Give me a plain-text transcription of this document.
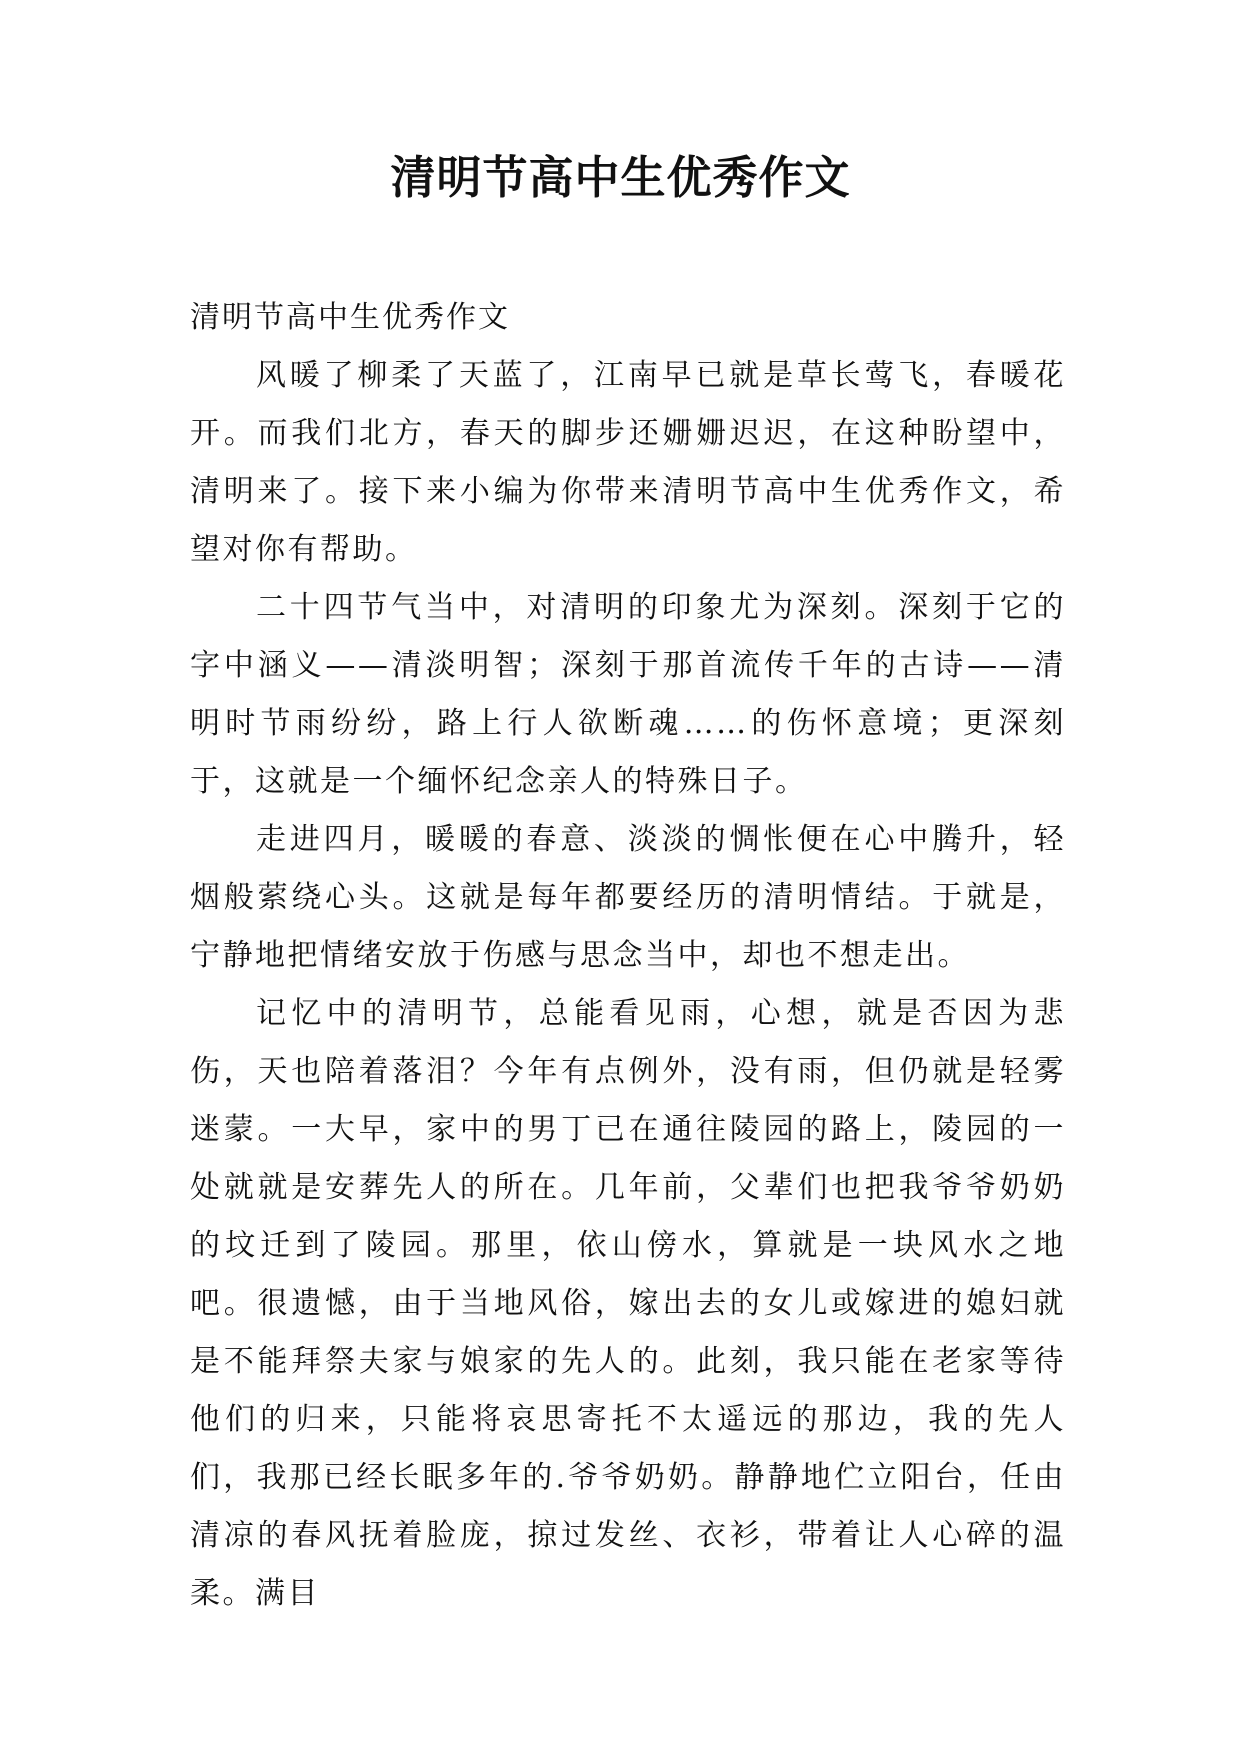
清明节高中生优秀作文

清明节高中生优秀作文

风暖了柳柔了天蓝了，江南早已就是草长莺飞，春暖花开。而我们北方，春天的脚步还姗姗迟迟，在这种盼望中，清明来了。接下来小编为你带来清明节高中生优秀作文，希望对你有帮助。

二十四节气当中，对清明的印象尤为深刻。深刻于它的字中涵义——清淡明智；深刻于那首流传千年的古诗——清明时节雨纷纷，路上行人欲断魂……的伤怀意境；更深刻于，这就是一个缅怀纪念亲人的特殊日子。

走进四月，暖暖的春意、淡淡的惆怅便在心中腾升，轻烟般萦绕心头。这就是每年都要经历的清明情结。于就是，宁静地把情绪安放于伤感与思念当中，却也不想走出。

记忆中的清明节，总能看见雨，心想，就是否因为悲伤，天也陪着落泪？今年有点例外，没有雨，但仍就是轻雾迷蒙。一大早，家中的男丁已在通往陵园的路上，陵园的一处就就是安葬先人的所在。几年前，父辈们也把我爷爷奶奶的坟迁到了陵园。那里，依山傍水，算就是一块风水之地吧。很遗憾，由于当地风俗，嫁出去的女儿或嫁进的媳妇就是不能拜祭夫家与娘家的先人的。此刻，我只能在老家等待他们的归来，只能将哀思寄托不太遥远的那边，我的先人们，我那已经长眠多年的.爷爷奶奶。静静地伫立阳台，任由清凉的春风抚着脸庞，掠过发丝、衣衫，带着让人心碎的温柔。满目
